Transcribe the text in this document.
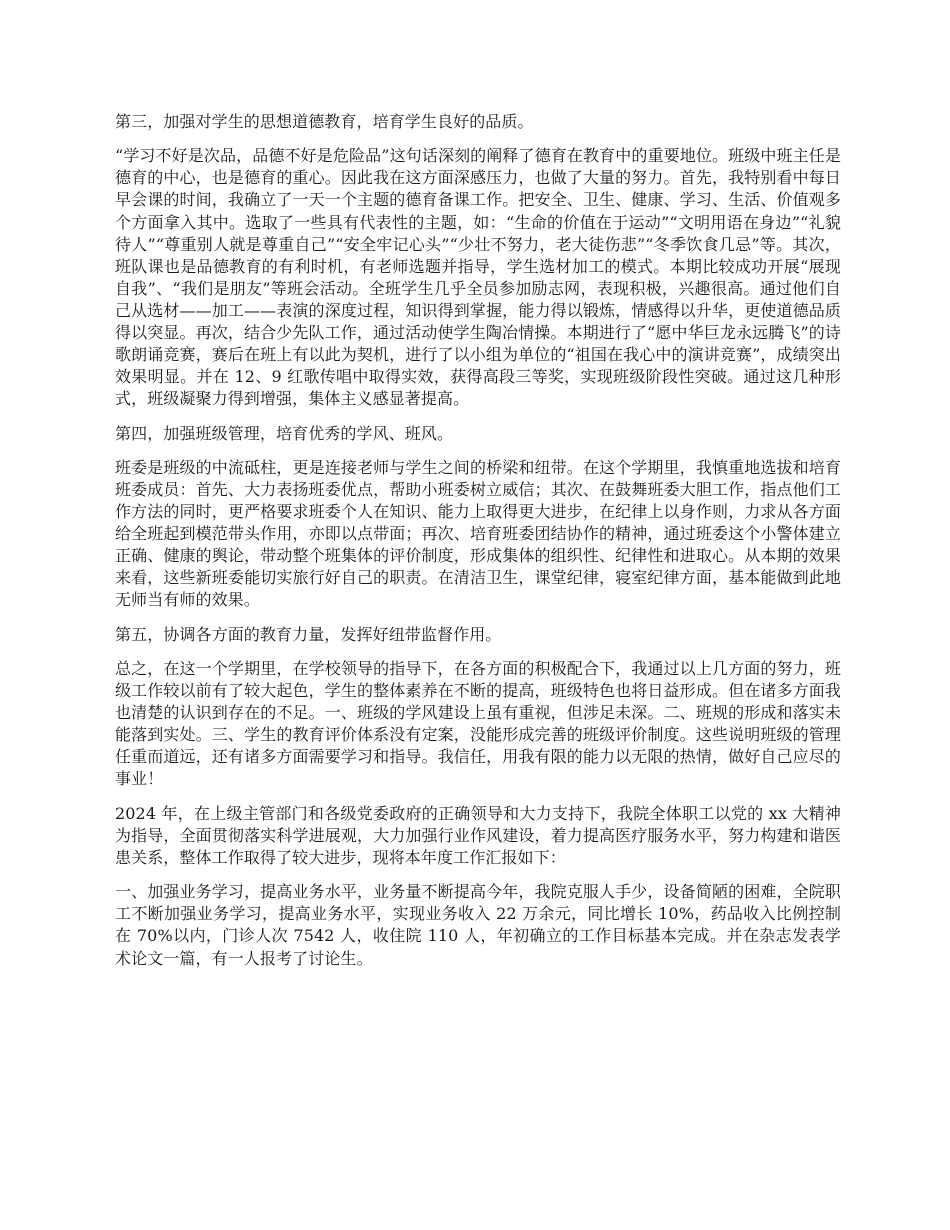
第三，加强对学生的思想道德教育，培育学生良好的品质。

“学习不好是次品，品德不好是危险品”这句话深刻的阐释了德育在教育中的重要地位。班级中班主任是德育的中心，也是德育的重心。因此我在这方面深感压力，也做了大量的努力。首先，我特别看中每日早会课的时间，我确立了一天一个主题的德育备课工作。把安全、卫生、健康、学习、生活、价值观多个方面拿入其中。选取了一些具有代表性的主题，如：“生命的价值在于运动”“文明用语在身边”“礼貌待人”“尊重别人就是尊重自己”“安全牢记心头”“少壮不努力，老大徒伤悲”“冬季饮食几忌”等。其次，班队课也是品德教育的有利时机，有老师选题并指导，学生选材加工的模式。本期比较成功开展“展现自我”、“我们是朋友”等班会活动。全班学生几乎全员参加励志网，表现积极，兴趣很高。通过他们自己从选材——加工——表演的深度过程，知识得到掌握，能力得以锻炼，情感得以升华，更使道德品质得以突显。再次，结合少先队工作，通过活动使学生陶冶情操。本期进行了“愿中华巨龙永远腾飞”的诗歌朗诵竞赛，赛后在班上有以此为契机，进行了以小组为单位的“祖国在我心中的演讲竞赛”，成绩突出效果明显。并在 12、9 红歌传唱中取得实效，获得高段三等奖，实现班级阶段性突破。通过这几种形式，班级凝聚力得到增强，集体主义感显著提高。

第四，加强班级管理，培育优秀的学风、班风。

班委是班级的中流砥柱，更是连接老师与学生之间的桥梁和纽带。在这个学期里，我慎重地选拔和培育班委成员：首先、大力表扬班委优点，帮助小班委树立威信；其次、在鼓舞班委大胆工作，指点他们工作方法的同时，更严格要求班委个人在知识、能力上取得更大进步，在纪律上以身作则，力求从各方面给全班起到模范带头作用，亦即以点带面；再次、培育班委团结协作的精神，通过班委这个小警体建立正确、健康的舆论，带动整个班集体的评价制度，形成集体的组织性、纪律性和进取心。从本期的效果来看，这些新班委能切实旅行好自己的职责。在清洁卫生，课堂纪律，寝室纪律方面，基本能做到此地无师当有师的效果。

第五，协调各方面的教育力量，发挥好纽带监督作用。

总之，在这一个学期里，在学校领导的指导下，在各方面的积极配合下，我通过以上几方面的努力，班级工作较以前有了较大起色，学生的整体素养在不断的提高，班级特色也将日益形成。但在诸多方面我也清楚的认识到存在的不足。一、班级的学风建设上虽有重视，但涉足未深。二、班规的形成和落实未能落到实处。三、学生的教育评价体系没有定案，没能形成完善的班级评价制度。这些说明班级的管理任重而道远，还有诸多方面需要学习和指导。我信任，用我有限的能力以无限的热情，做好自己应尽的事业！

2024 年，在上级主管部门和各级党委政府的正确领导和大力支持下，我院全体职工以党的 xx 大精神为指导，全面贯彻落实科学进展观，大力加强行业作风建设，着力提高医疗服务水平，努力构建和谐医患关系，整体工作取得了较大进步，现将本年度工作汇报如下：

一、加强业务学习，提高业务水平，业务量不断提高今年，我院克服人手少，设备简陋的困难，全院职工不断加强业务学习，提高业务水平，实现业务收入 22 万余元，同比增长 10%，药品收入比例控制在 70%以内，门诊人次 7542 人，收住院 110 人，年初确立的工作目标基本完成。并在杂志发表学术论文一篇，有一人报考了讨论生。
